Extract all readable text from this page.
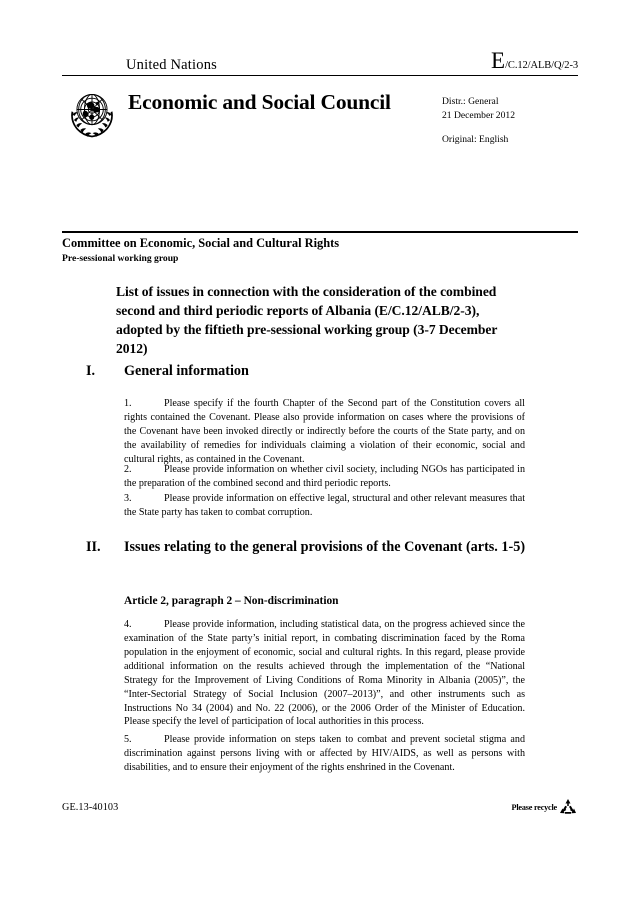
United Nations	E/C.12/ALB/Q/2-3
Economic and Social Council	Distr.: General
21 December 2012
Original: English
Committee on Economic, Social and Cultural Rights
Pre-sessional working group
List of issues in connection with the consideration of the combined second and third periodic reports of Albania (E/C.12/ALB/2-3), adopted by the fiftieth pre-sessional working group (3-7 December 2012)
I.	General information
1.	Please specify if the fourth Chapter of the Second part of the Constitution covers all rights contained the Covenant. Please also provide information on cases where the provisions of the Covenant have been invoked directly or indirectly before the courts of the State party, and on the availability of remedies for individuals claiming a violation of their economic, social and cultural rights, as contained in the Covenant.
2.	Please provide information on whether civil society, including NGOs has participated in the preparation of the combined second and third periodic reports.
3.	Please provide information on effective legal, structural and other relevant measures that the State party has taken to combat corruption.
II.	Issues relating to the general provisions of the Covenant (arts. 1-5)
Article 2, paragraph 2 – Non-discrimination
4.	Please provide information, including statistical data, on the progress achieved since the examination of the State party’s initial report, in combating discrimination faced by the Roma population in the enjoyment of economic, social and cultural rights. In this regard, please provide additional information on the results achieved through the implementation of the “National Strategy for the Improvement of Living Conditions of Roma Minority in Albania (2005)”, the “Inter-Sectorial Strategy of Social Inclusion (2007–2013)”, and other instruments such as Instructions No 34 (2004) and No. 22 (2006), or the 2006 Order of the Minister of Education. Please specify the level of participation of local authorities in this process.
5.	Please provide information on steps taken to combat and prevent societal stigma and discrimination against persons living with or affected by HIV/AIDS, as well as persons with disabilities, and to ensure their enjoyment of the rights enshrined in the Covenant.
GE.13-40103	Please recycle
